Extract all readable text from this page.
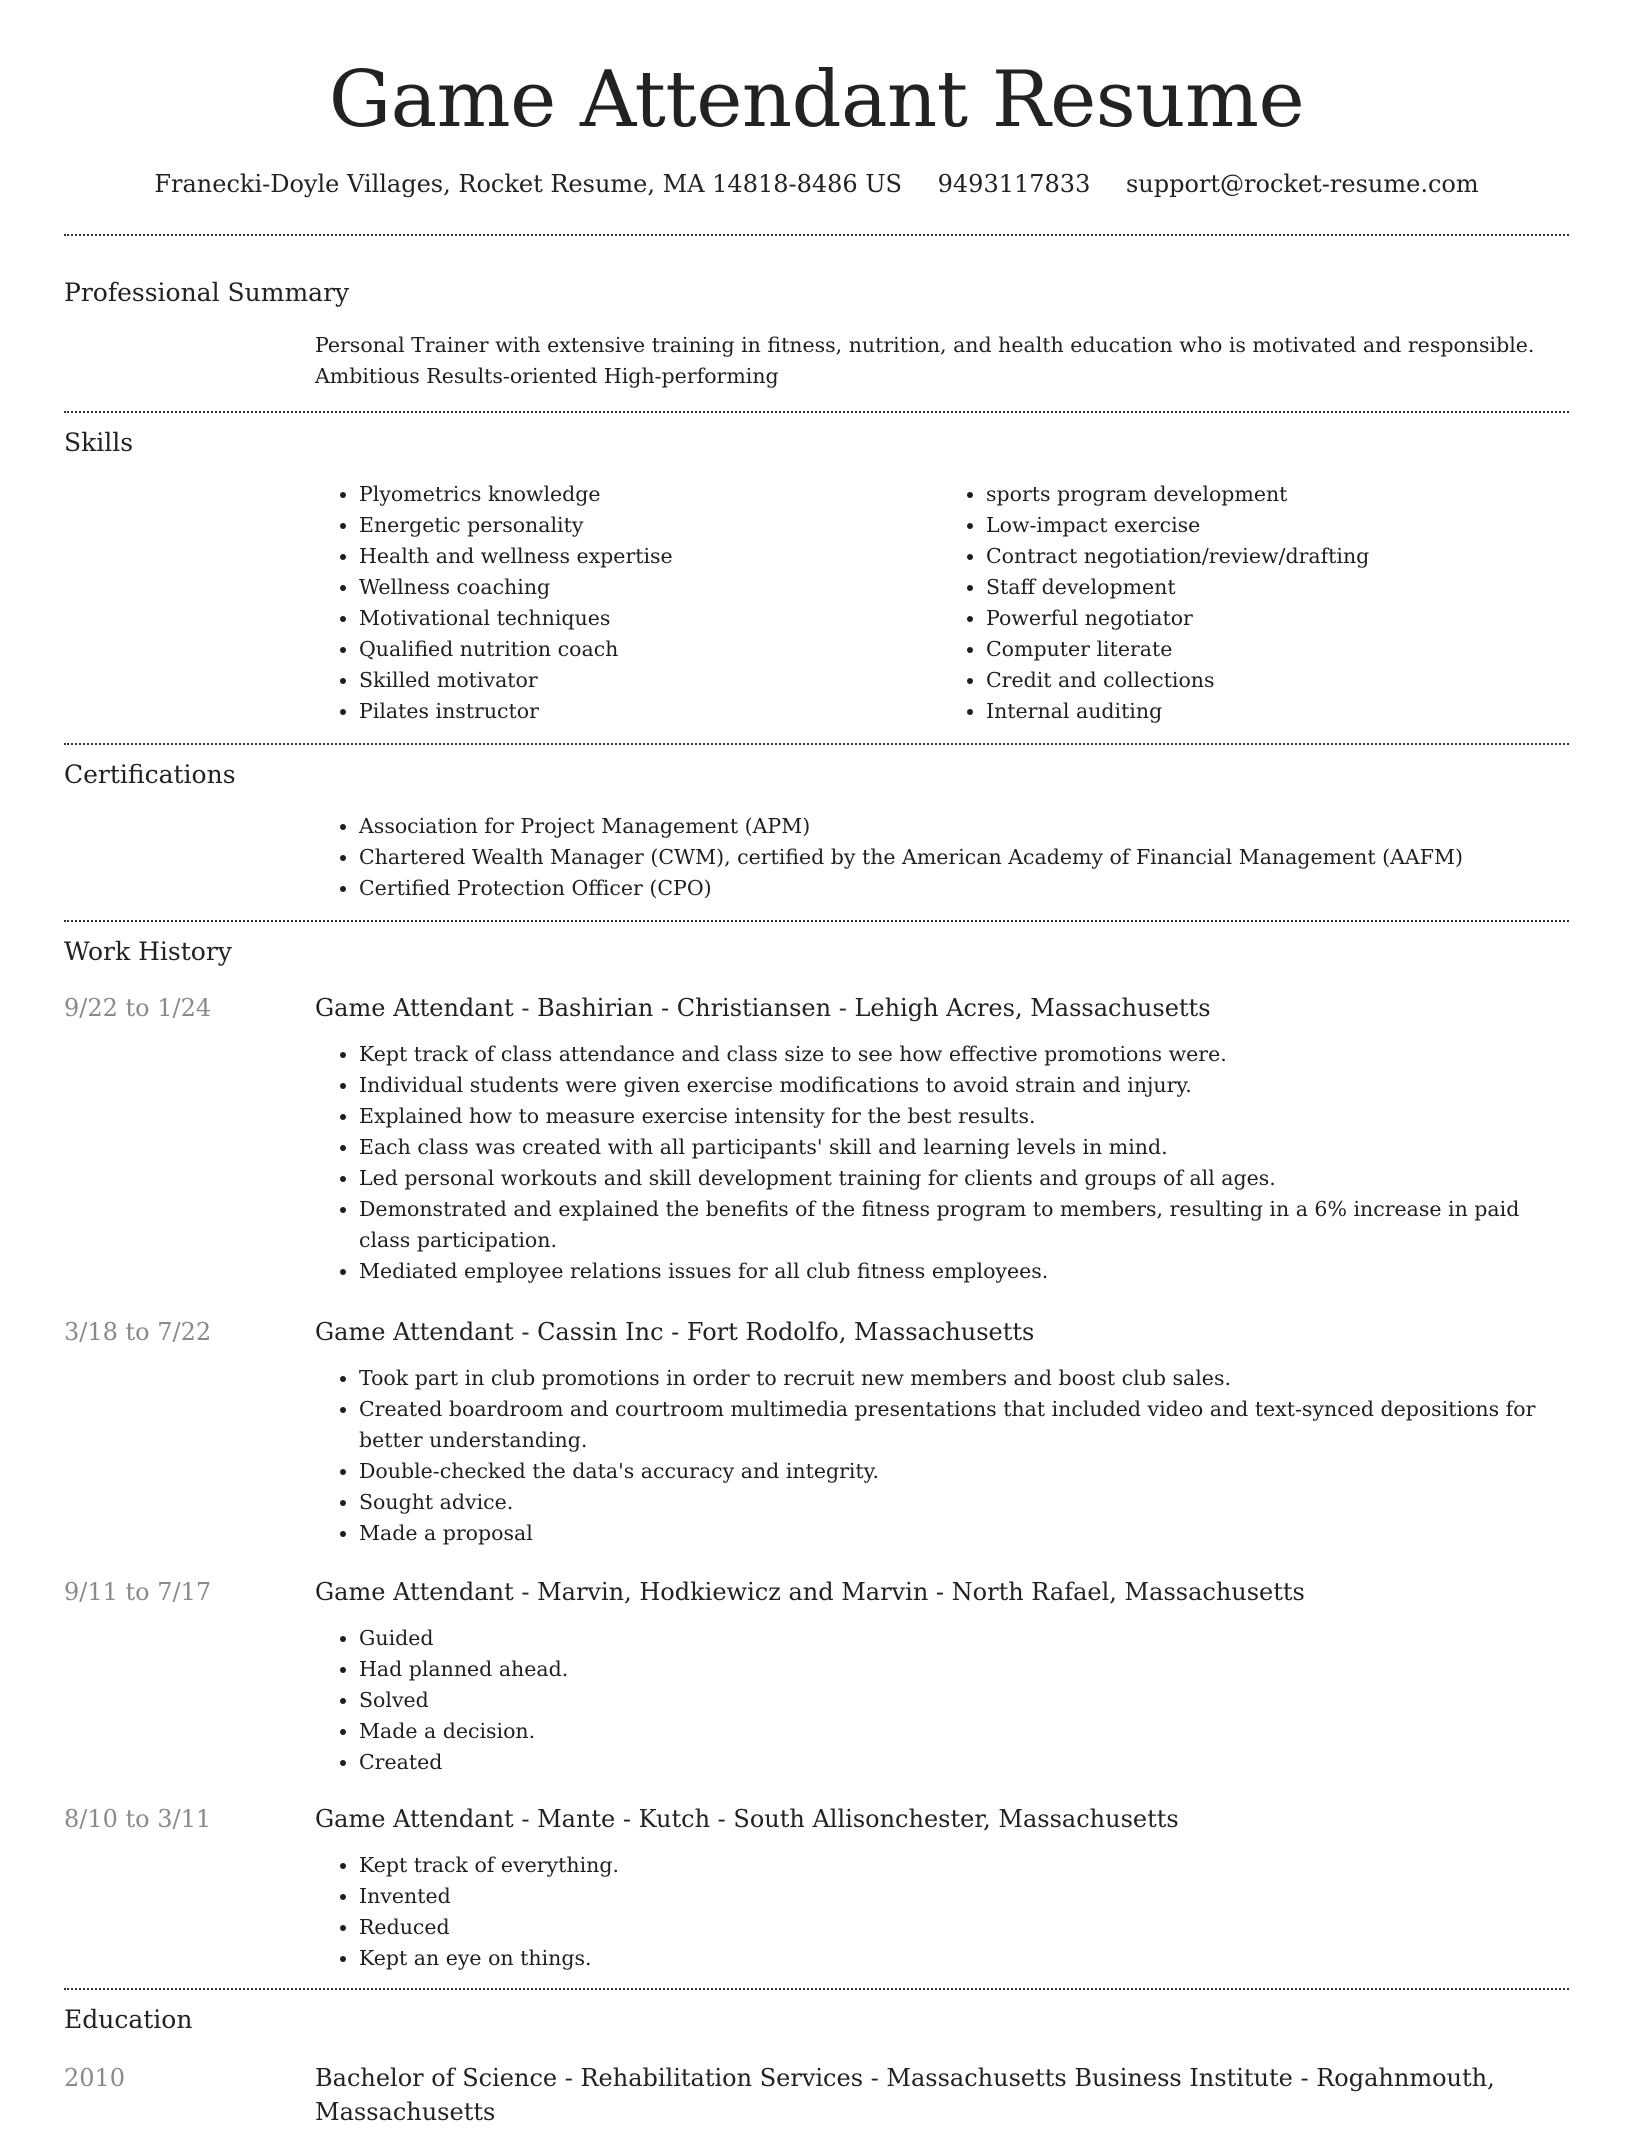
Game Attendant Resume
Franecki-Doyle Villages, Rocket Resume, MA 14818-8486 US 9493117833 support@rocket-resume.com
Professional Summary
Personal Trainer with extensive training in fitness, nutrition, and health education who is motivated and responsible. Ambitious Results-oriented High-performing
Skills
• Plyometrics knowledge
• Energetic personality
• Health and wellness expertise
• Wellness coaching
• Motivational techniques
• Qualified nutrition coach
• Skilled motivator
• Pilates instructor
• sports program development
• Low-impact exercise
• Contract negotiation/review/drafting
• Staff development
• Powerful negotiator
• Computer literate
• Credit and collections
• Internal auditing
Certifications
• Association for Project Management (APM)
• Chartered Wealth Manager (CWM), certified by the American Academy of Financial Management (AAFM)
• Certified Protection Officer (CPO)
Work History
9/22 to 1/24	Game Attendant - Bashirian - Christiansen - Lehigh Acres, Massachusetts
• Kept track of class attendance and class size to see how effective promotions were.
• Individual students were given exercise modifications to avoid strain and injury.
• Explained how to measure exercise intensity for the best results.
• Each class was created with all participants' skill and learning levels in mind.
• Led personal workouts and skill development training for clients and groups of all ages.
• Demonstrated and explained the benefits of the fitness program to members, resulting in a 6% increase in paid class participation.
• Mediated employee relations issues for all club fitness employees.
3/18 to 7/22	Game Attendant - Cassin Inc - Fort Rodolfo, Massachusetts
• Took part in club promotions in order to recruit new members and boost club sales.
• Created boardroom and courtroom multimedia presentations that included video and text-synced depositions for better understanding.
• Double-checked the data's accuracy and integrity.
• Sought advice.
• Made a proposal
9/11 to 7/17	Game Attendant - Marvin, Hodkiewicz and Marvin - North Rafael, Massachusetts
• Guided
• Had planned ahead.
• Solved
• Made a decision.
• Created
8/10 to 3/11	Game Attendant - Mante - Kutch - South Allisonchester, Massachusetts
• Kept track of everything.
• Invented
• Reduced
• Kept an eye on things.
Education
2010	Bachelor of Science - Rehabilitation Services - Massachusetts Business Institute - Rogahnmouth, Massachusetts
